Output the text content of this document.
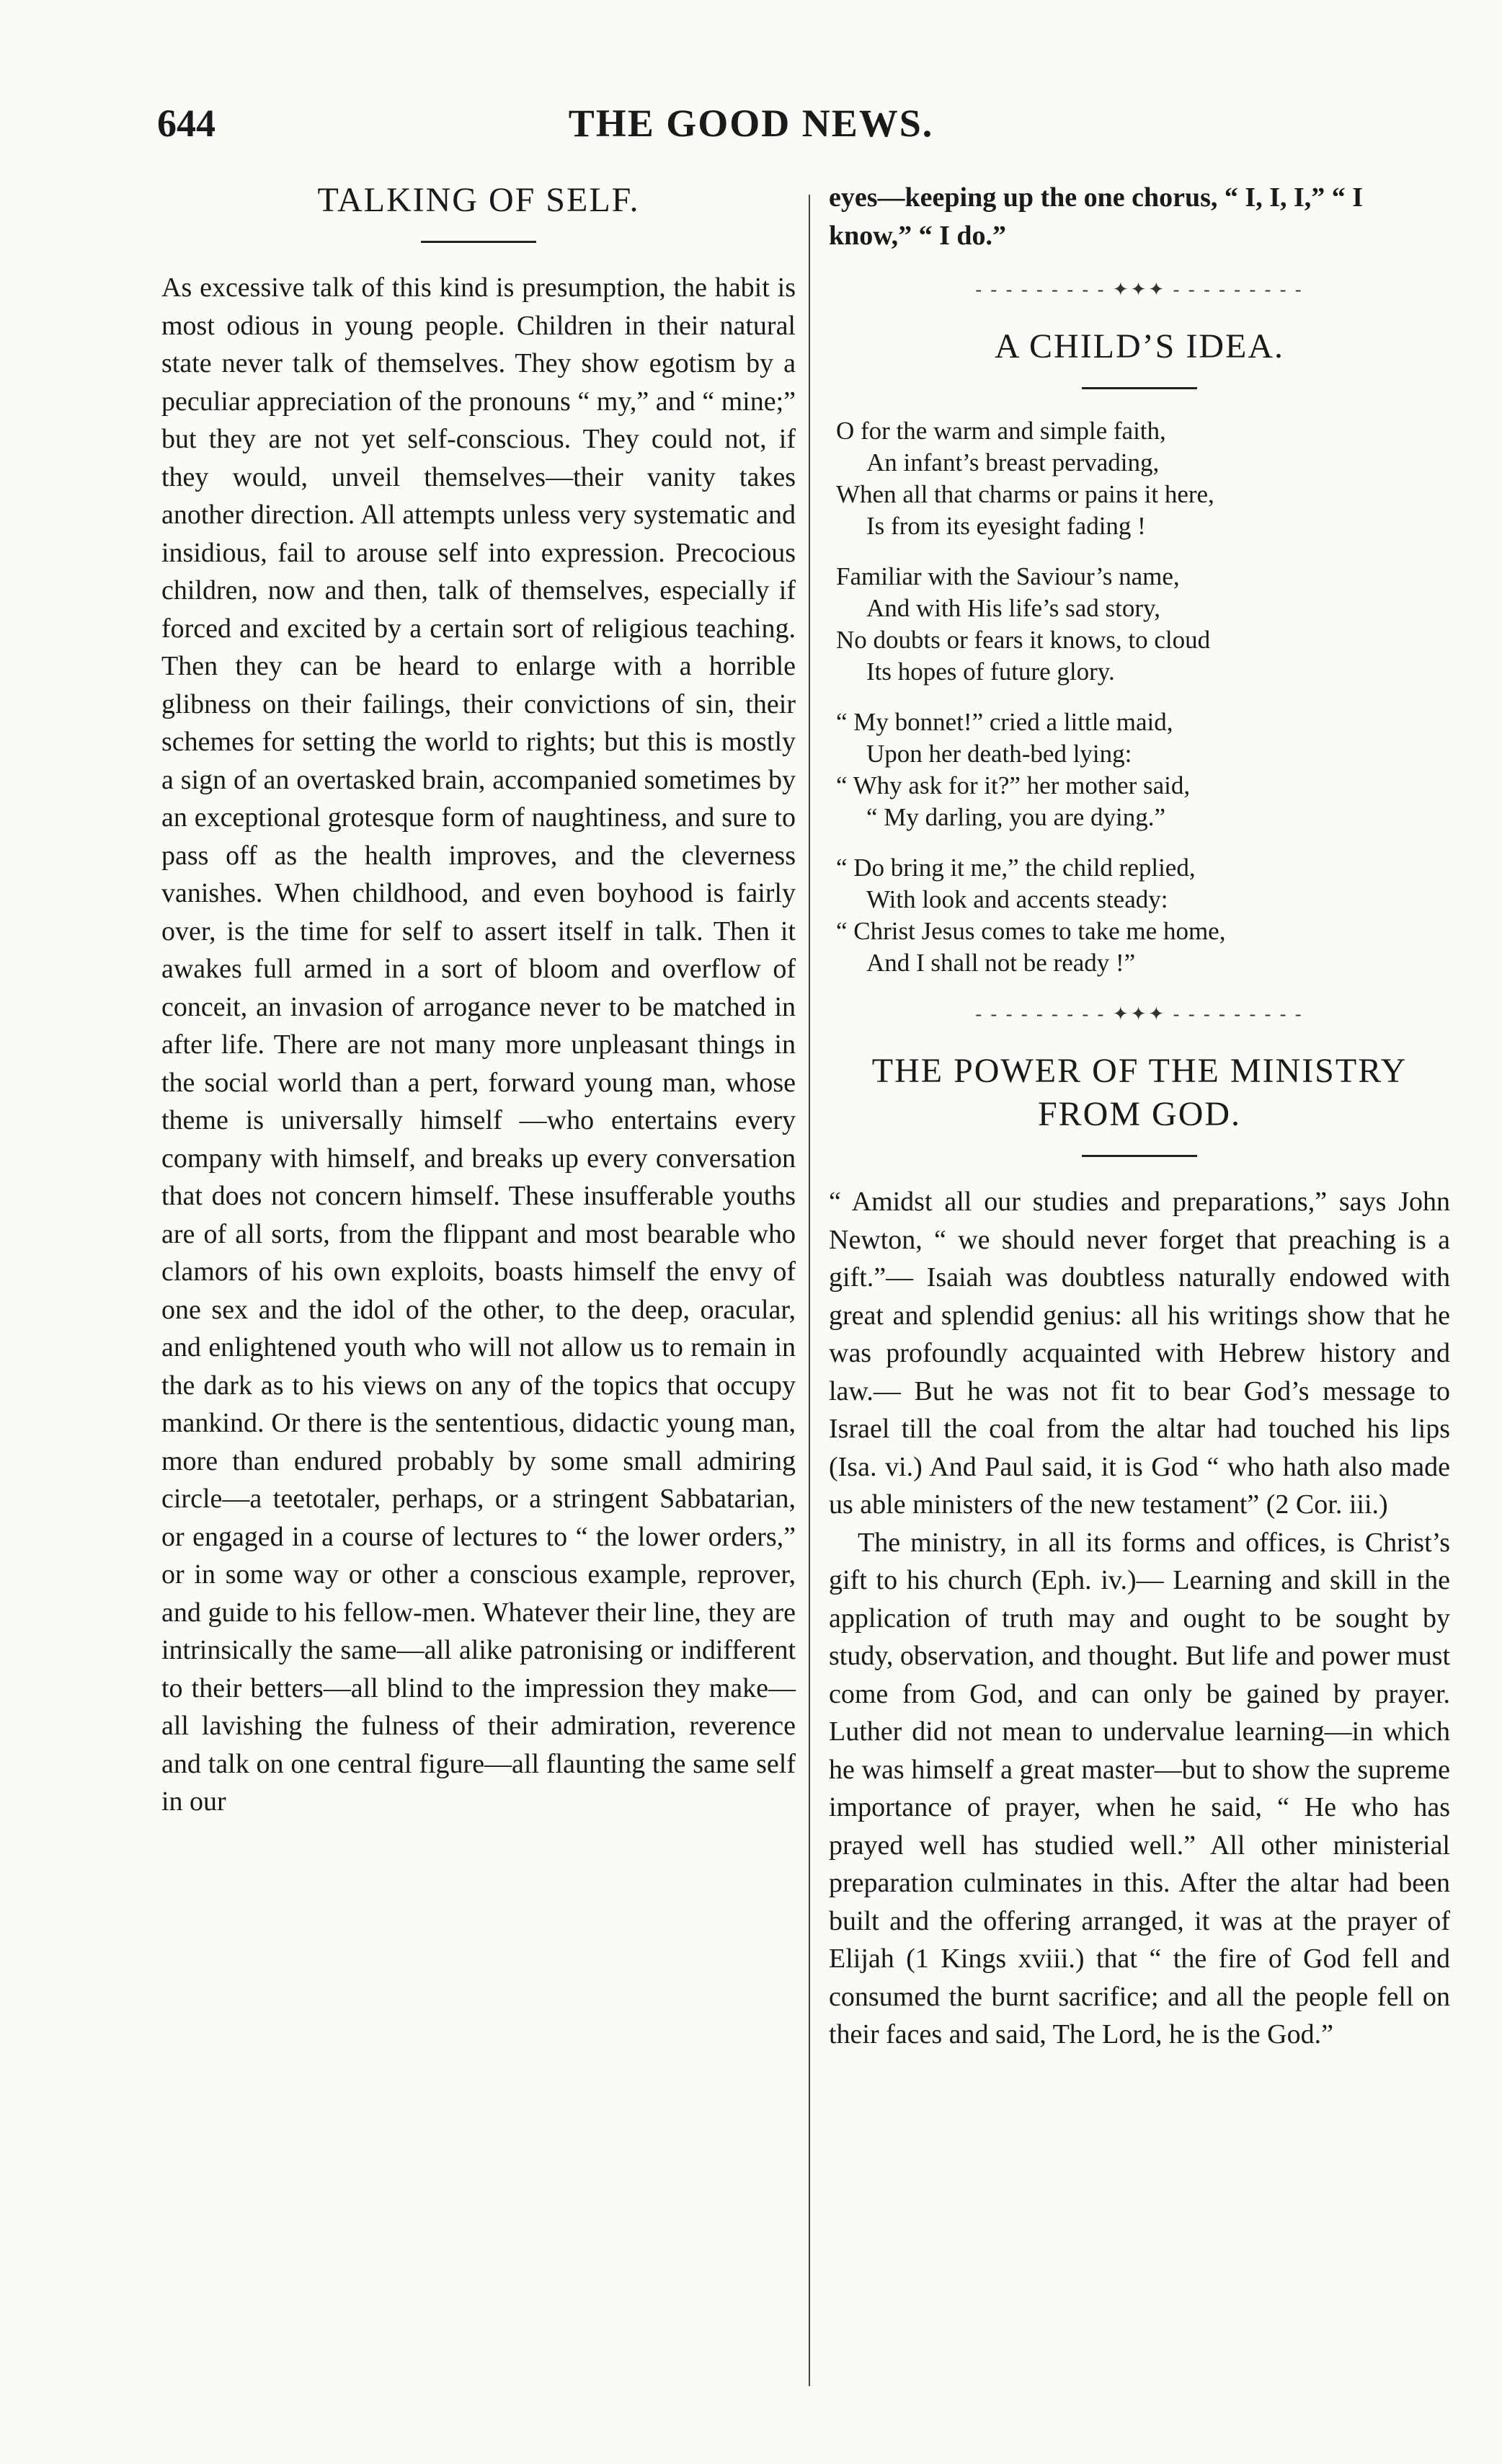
644	THE GOOD NEWS.
TALKING OF SELF.

As excessive talk of this kind is presumption, the habit is most odious in young people. Children in their natural state never talk of themselves. They show egotism by a peculiar appreciation of the pronouns “ my,” and “ mine;” but they are not yet self-conscious. They could not, if they would, unveil themselves—their vanity takes another direction. All attempts unless very systematic and insidious, fail to arouse self into expression. Precocious children, now and then, talk of themselves, especially if forced and excited by a certain sort of religious teaching. Then they can be heard to enlarge with a horrible glibness on their failings, their convictions of sin, their schemes for setting the world to rights; but this is mostly a sign of an overtasked brain, accompanied sometimes by an exceptional grotesque form of naughtiness, and sure to pass off as the health improves, and the cleverness vanishes. When childhood, and even boyhood is fairly over, is the time for self to assert itself in talk. Then it awakes full armed in a sort of bloom and overflow of conceit, an invasion of arrogance never to be matched in after life. There are not many more unpleasant things in the social world than a pert, forward young man, whose theme is universally himself —who entertains every company with himself, and breaks up every conversation that does not concern himself. These insufferable youths are of all sorts, from the flippant and most bearable who clamors of his own exploits, boasts himself the envy of one sex and the idol of the other, to the deep, oracular, and enlightened youth who will not allow us to remain in the dark as to his views on any of the topics that occupy mankind. Or there is the sententious, didactic young man, more than endured probably by some small admiring circle—a teetotaler, perhaps, or a stringent Sabbatarian, or engaged in a course of lectures to “ the lower orders,” or in some way or other a conscious example, reprover, and guide to his fellow-men. Whatever their line, they are intrinsically the same—all alike patronising or indifferent to their betters—all blind to the impression they make—all lavishing the fulness of their admiration, reverence and talk on one central figure—all flaunting the same self in our

eyes—keeping up the one chorus, “ I, I, I,” “ I know,” “ I do.”

- - - - - - - - - ✦✦✦ - - - - - - - - -
A CHILD’S IDEA.
O for the warm and simple faith,
An infant’s breast pervading,
When all that charms or pains it here,
Is from its eyesight fading !
Familiar with the Saviour’s name,
And with His life’s sad story,
No doubts or fears it knows, to cloud
Its hopes of future glory.
“ My bonnet!” cried a little maid,
Upon her death-bed lying:
“ Why ask for it?” her mother said,
“ My darling, you are dying.”
“ Do bring it me,” the child replied,
With look and accents steady:
“ Christ Jesus comes to take me home,
And I shall not be ready !”
- - - - - - - - - ✦✦✦ - - - - - - - - -
THE POWER OF THE MINISTRY
FROM GOD.

“ Amidst all our studies and preparations,” says John Newton, “ we should never forget that preaching is a gift.”— Isaiah was doubtless naturally endowed with great and splendid genius: all his writings show that he was profoundly acquainted with Hebrew history and law.— But he was not fit to bear God’s message to Israel till the coal from the altar had touched his lips (Isa. vi.) And Paul said, it is God “ who hath also made us able ministers of the new testament” (2 Cor. iii.)

The ministry, in all its forms and offices, is Christ’s gift to his church (Eph. iv.)— Learning and skill in the application of truth may and ought to be sought by study, observation, and thought. But life and power must come from God, and can only be gained by prayer. Luther did not mean to undervalue learning—in which he was himself a great master—but to show the supreme importance of prayer, when he said, “ He who has prayed well has studied well.” All other ministerial preparation culminates in this. After the altar had been built and the offering arranged, it was at the prayer of Elijah (1 Kings xviii.) that “ the fire of God fell and consumed the burnt sacrifice; and all the people fell on their faces and said, The Lord, he is the God.”
